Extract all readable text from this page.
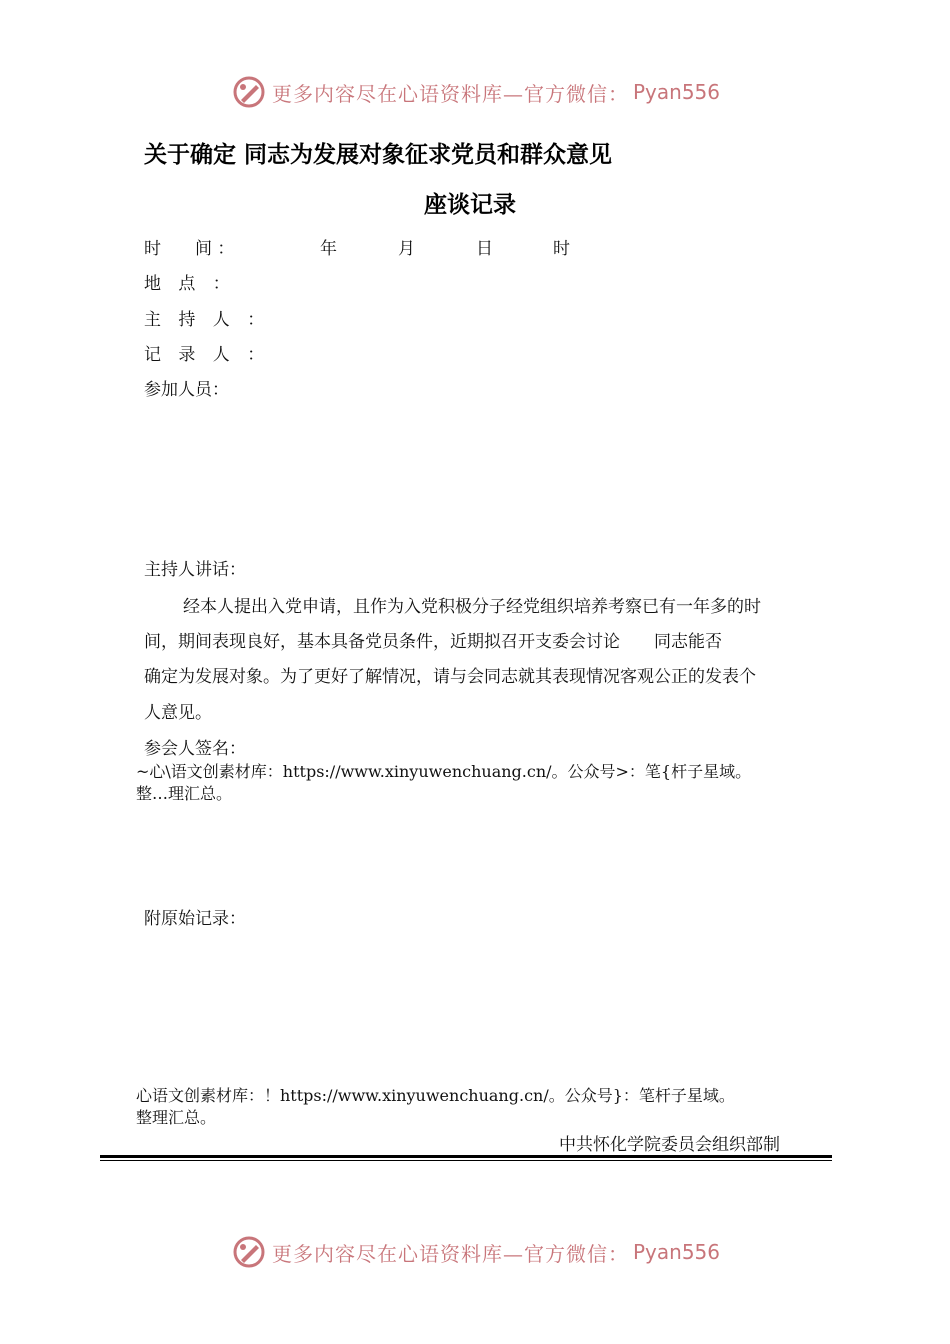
更多内容尽在心语资料库—官方微信： Pyan556
关于确定 同志为发展对象征求党员和群众意见
座谈记录
时　　间 ：	年	月	日	时
地 点 ：
主 持 人 ：
记 录 人 ：
参加人员：
主持人讲话：
经本人提出入党申请，且作为入党积极分子经党组织培养考察已有一年多的时
间，期间表现良好，基本具备党员条件，近期拟召开支委会讨论　　同志能否
确定为发展对象。为了更好了解情况，请与会同志就其表现情况客观公正的发表个
人意见。
参会人签名：
~心\语文创素材库：https://www.xinyuwenchuang.cn/。公众号>：笔{杆子星域。
整…理汇总。
附原始记录：
心语文创素材库：！https://www.xinyuwenchuang.cn/。公众号}：笔杆子星域。
整理汇总。
中共怀化学院委员会组织部制
更多内容尽在心语资料库—官方微信： Pyan556
